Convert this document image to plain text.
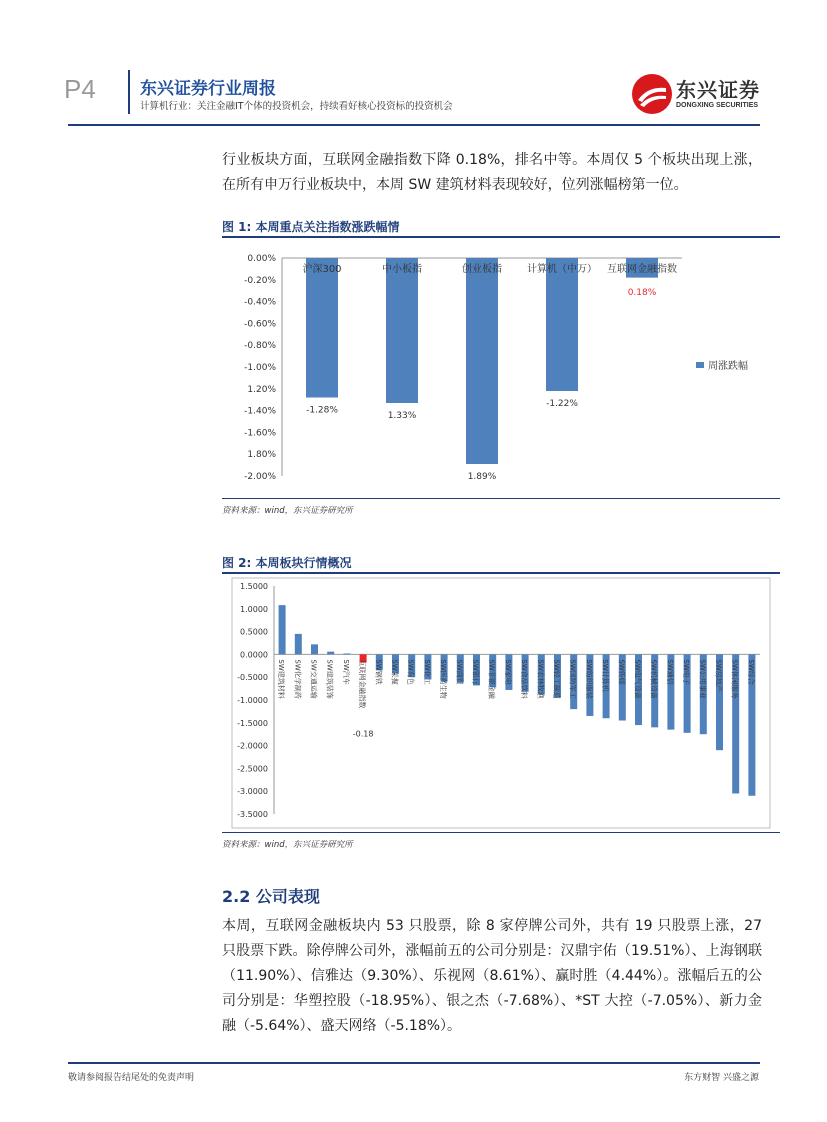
P4	东兴证券行业周报
计算机行业：关注金融IT个体的投资机会，持续看好核心投资标的投资机会
东兴证券
DONGXING SECURITIES
行业板块方面，互联网金融指数下降 0.18%，排名中等。本周仅 5 个板块出现上涨，在所有申万行业板块中，本周 SW 建筑材料表现较好，位列涨幅榜第一位。
图 1: 本周重点关注指数涨跌幅情
0.00%
-0.20%
-0.40%
-0.60%
-0.80%
-1.00%
1.20%
-1.40%
-1.60%
1.80%
-2.00%
沪深300
-1.28%
中小板指
1.33%
创业板指
1.89%
计算机（中万）
-1.22%
互联网金融指数
0.18%
周涨跌幅
资料来源：wind，东兴证券研究所
图 2: 本周板块行情概况
1.5000
1.0000
0.5000
0.0000
-0.5000
-1.0000
-1.5000
-2.0000
-2.5000
-3.0000
-3.5000
SW建筑材料 SW化学制药 SW交通运输 SW建筑装饰 SW汽车 互联网金融指数 SW钢铁 SW采掘 SW有色 SW化工 SW医药生物 SW商贸 SW银行 SW非银金融 SW家电 SW食品饮料 SW农林牧渔 SW轻工制造 SW国防军工 SW纺织服装 SW计算机 SW传媒 SW电气设备 SW机械设备 SW通信 SW电子 SW公用事业 SW房地产 SW休闲服务 SW综合
-0.18
资料来源：wind，东兴证券研究所
2.2 公司表现
本周，互联网金融板块内 53 只股票，除 8 家停牌公司外，共有 19 只股票上涨，27 只股票下跌。除停牌公司外，涨幅前五的公司分别是：汉鼎宇佑（19.51%）、上海钢联（11.90%）、信雅达（9.30%）、乐视网（8.61%）、赢时胜（4.44%）。涨幅后五的公司分别是：华塑控股（-18.95%）、银之杰（-7.68%）、*ST 大控（-7.05%）、新力金融（-5.64%）、盛天网络（-5.18%）。
敬请参阅报告结尾处的免责声明	东方财智 兴盛之源
